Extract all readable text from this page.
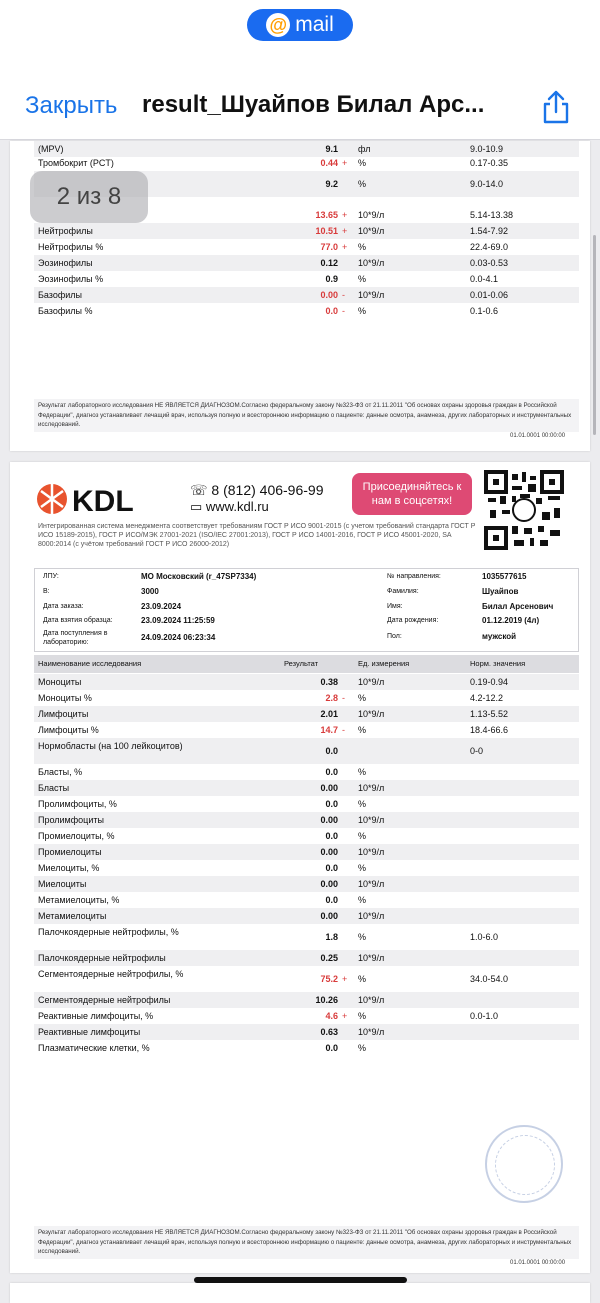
@ mail
Закрыть result_Шуайпов Билал Арс...
(MPV)	9.1 фл	9.0-10.9
Тромбокрит (PCT)	0.44 +	%	0.17-0.35
9.2 %	9.0-14.0
13.65 +	10*9/л	5.14-13.38
Нейтрофилы	10.51 +	10*9/л	1.54-7.92
Нейтрофилы %	77.0 +	%	22.4-69.0
Эозинофилы	0.12 10*9/л	0.03-0.53
Эозинофилы %	0.9 %	0.0-4.1
Базофилы	0.00 -	10*9/л	0.01-0.06
Базофилы %	0.0 -	%	0.1-0.6
Результат лабораторного исследования НЕ ЯВЛЯЕТСЯ ДИАГНОЗОМ.Согласно федеральному закону №323-ФЗ от 21.11.2011 "Об основах охраны здоровья граждан в Российской Федерации", диагноз устанавливает лечащий врач, используя полную и всестороннюю информацию о пациенте: данные осмотра, анамнеза, других лабораторных и инструментальных исследований.
01.01.0001 00:00:00
2 из 8
KDL	☏ 8 (812) 406-96-99
▭ www.kdl.ru
Присоединяйтесь к нам в соцсетях!
Интегрированная система менеджмента соответствует требованиям ГОСТ Р ИСО 9001-2015 (с учетом требований стандарта ГОСТ Р ИСО 15189-2015), ГОСТ Р ИСО/МЭК 27001-2021 (ISO/IEC 27001:2013), ГОСТ Р ИСО 14001-2016, ГОСТ Р ИСО 45001-2020, SA 8000:2014 (с учётом требований ГОСТ Р ИСО 26000-2012)
ЛПУ:	МО Московский (r_47SP7334)
В:	3000
Дата заказа:	23.09.2024
Дата взятия образца:	23.09.2024 11:25:59
Дата поступления в лабораторию:
24.09.2024 06:23:34
№ направления:	1035577615
Фамилия:	Шуайпов
Имя:	Билал Арсенович
Дата рождения:	01.12.2019 (4л)
Пол:	мужской
Наименование исследования	Результат	Ед. измерения	Норм. значения
Моноциты	0.38 10*9/л	0.19-0.94
Моноциты %	2.8 -	%	4.2-12.2
Лимфоциты	2.01 10*9/л	1.13-5.52
Лимфоциты %	14.7 -	%	18.4-66.6
Нормобласты (на 100 лейкоцитов)	0.0	0-0
Бласты, %	0.0 %
Бласты	0.00 10*9/л
Пролимфоциты, %	0.0 %
Пролимфоциты	0.00 10*9/л
Промиелоциты, %	0.0 %
Промиелоциты	0.00 10*9/л
Миелоциты, %	0.0 %
Миелоциты	0.00 10*9/л
Метамиелоциты, %	0.0 %
Метамиелоциты	0.00 10*9/л
Палочкоядерные нейтрофилы, %	1.8 %	1.0-6.0
Палочкоядерные нейтрофилы	0.25 10*9/л
Сегментоядерные нейтрофилы, %	75.2 +	%	34.0-54.0
Сегментоядерные нейтрофилы	10.26 10*9/л
Реактивные лимфоциты, %	4.6 +	%	0.0-1.0
Реактивные лимфоциты	0.63 10*9/л
Плазматические клетки, %	0.0 %
Результат лабораторного исследования НЕ ЯВЛЯЕТСЯ ДИАГНОЗОМ.Согласно федеральному закону №323-ФЗ от 21.11.2011 "Об основах охраны здоровья граждан в Российской Федерации", диагноз устанавливает лечащий врач, используя полную и всестороннюю информацию о пациенте: данные осмотра, анамнеза, других лабораторных и инструментальных исследований.
01.01.0001 00:00:00
